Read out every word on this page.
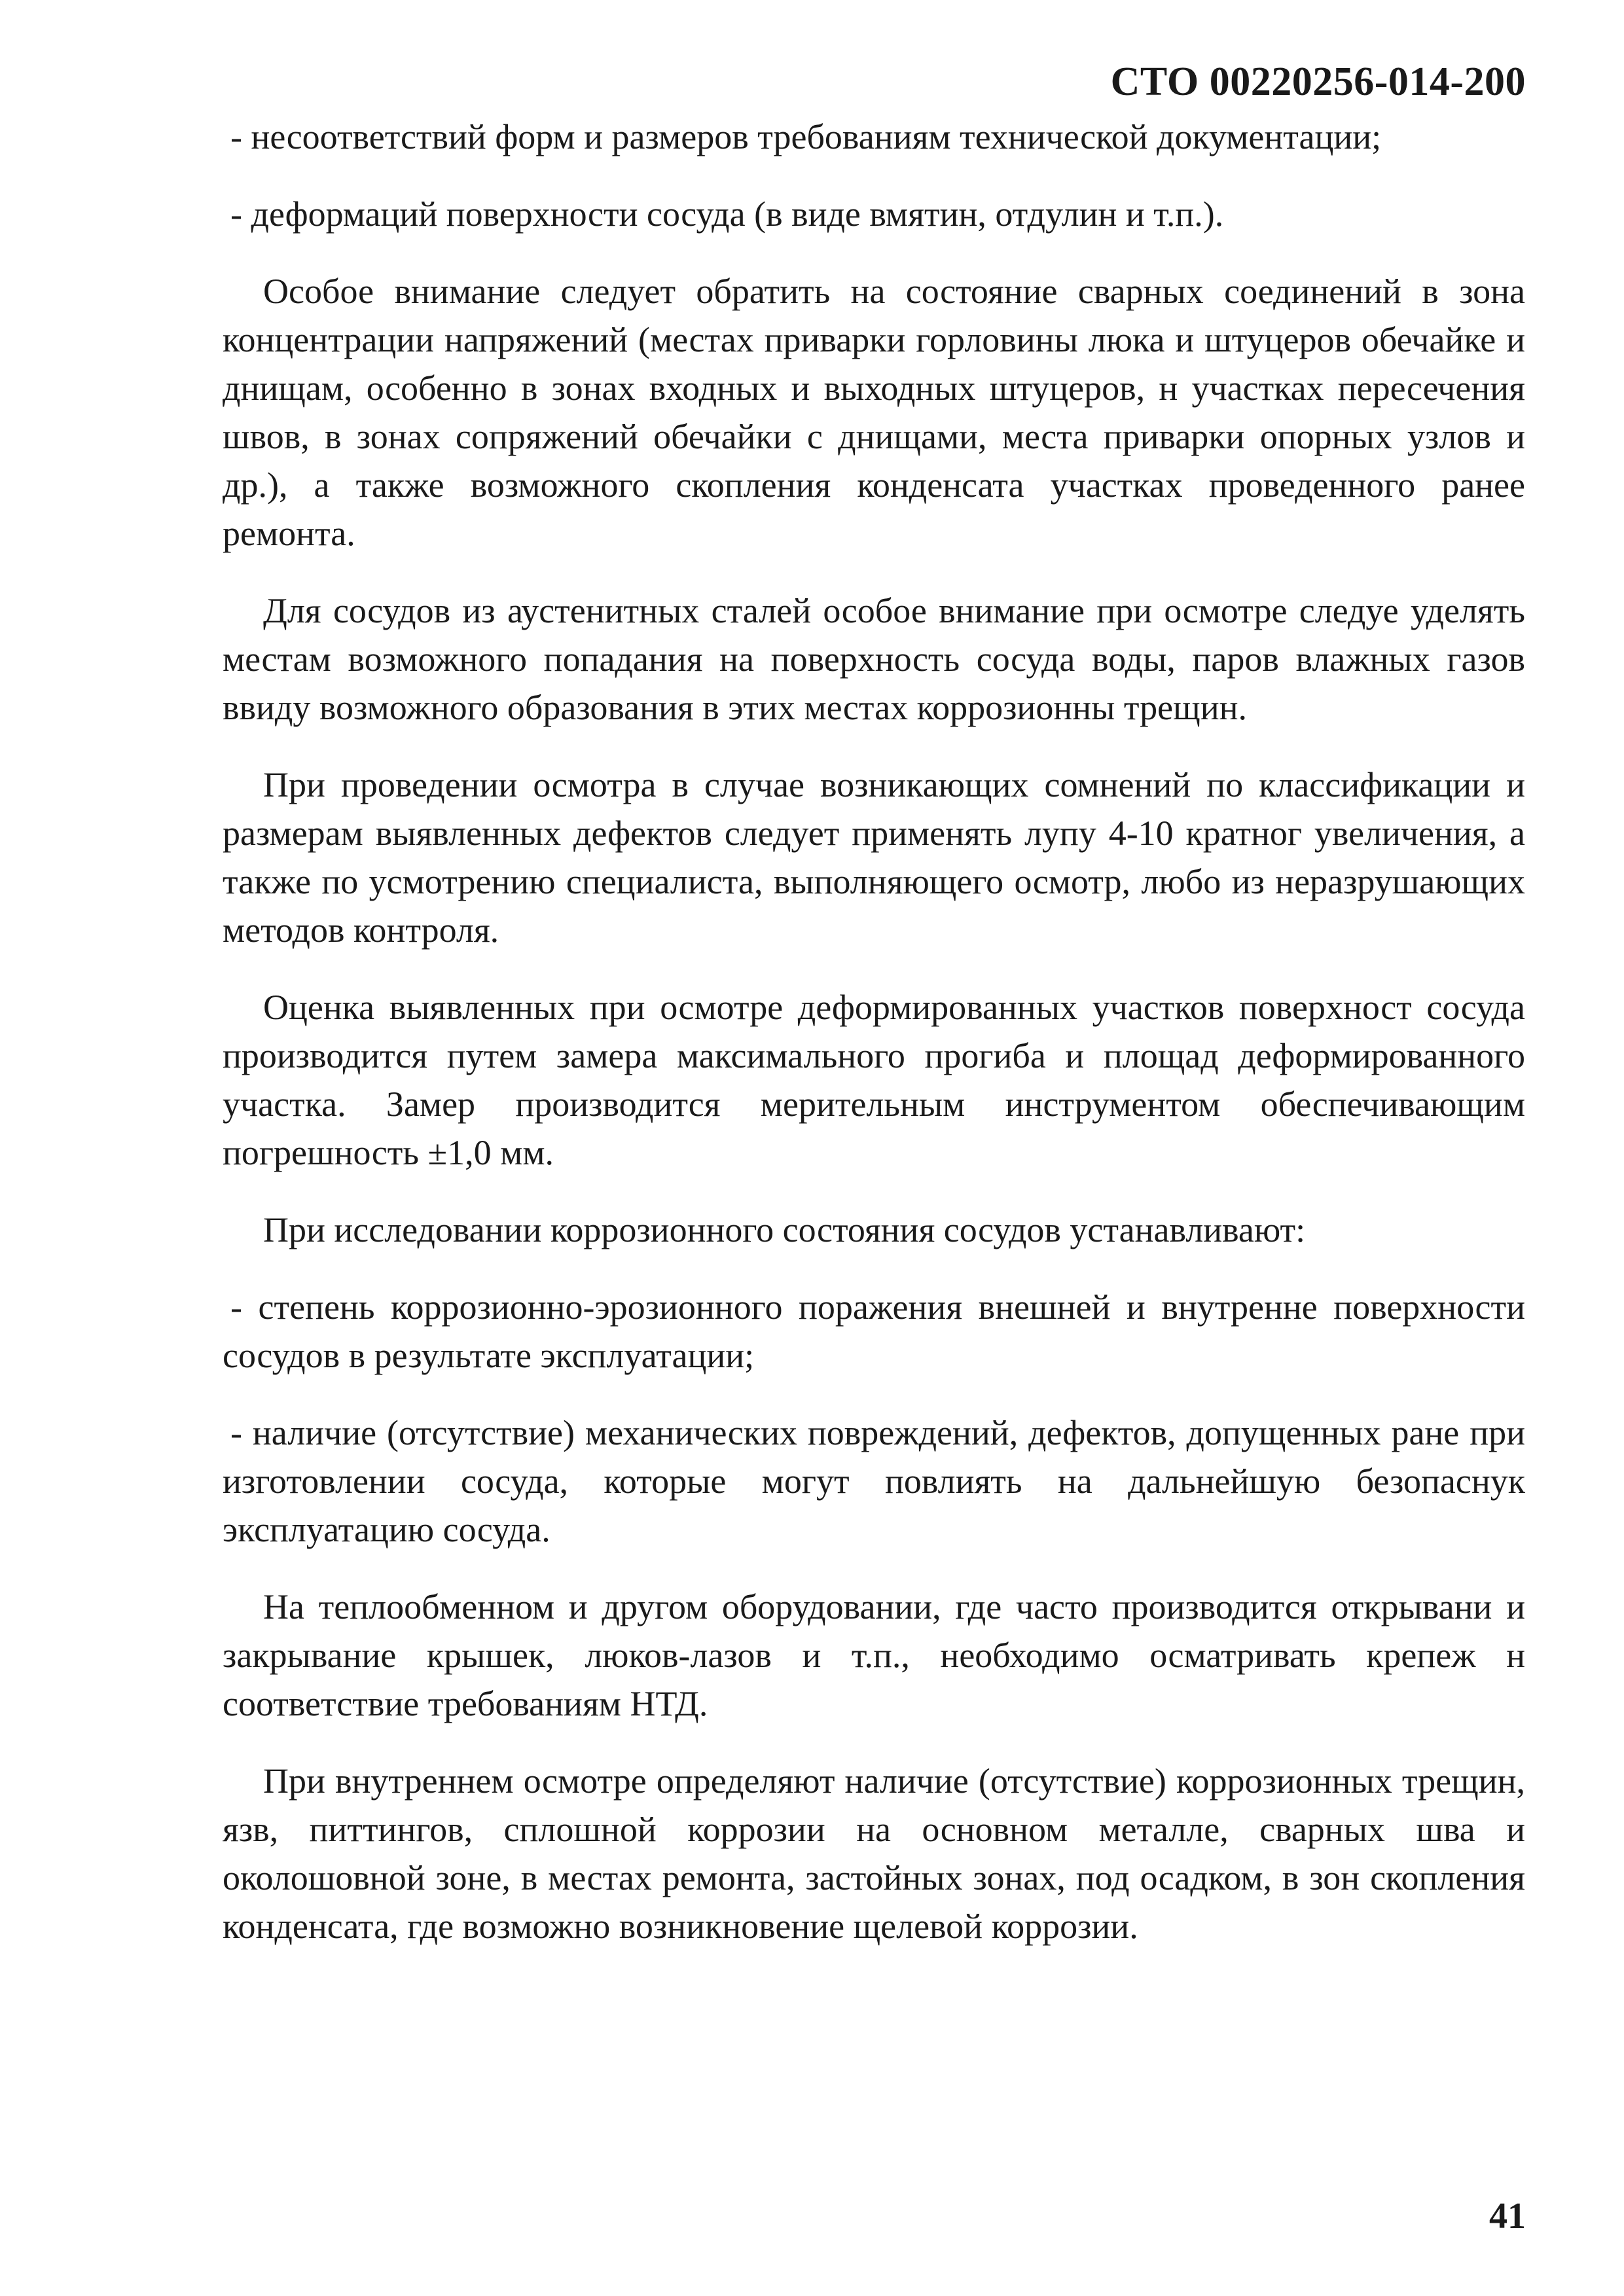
СТО 00220256-014-200

- несоответствий форм и размеров требованиям технической документации;

- деформаций поверхности сосуда (в виде вмятин, отдулин и т.п.).

Особое внимание следует обратить на состояние сварных соединений в зона концентрации напряжений (местах приварки горловины люка и штуцеров обечайке и днищам, особенно в зонах входных и выходных штуцеров, н участках пересечения швов, в зонах сопряжений обечайки с днищами, места приварки опорных узлов и др.), а также возможного скопления конденсата участках проведенного ранее ремонта.

Для сосудов из аустенитных сталей особое внимание при осмотре следуе уделять местам возможного попадания на поверхность сосуда воды, паров влажных газов ввиду возможного образования в этих местах коррозионны трещин.

При проведении осмотра в случае возникающих сомнений по классификации и размерам выявленных дефектов следует применять лупу 4-10 кратног увеличения, а также по усмотрению специалиста, выполняющего осмотр, любо из неразрушающих методов контроля.

Оценка выявленных при осмотре деформированных участков поверхност сосуда производится путем замера максимального прогиба и площад деформированного участка. Замер производится мерительным инструментом обеспечивающим погрешность ±1,0 мм.

При исследовании коррозионного состояния сосудов устанавливают:

- степень коррозионно-эрозионного поражения внешней и внутренне поверхности сосудов в результате эксплуатации;

- наличие (отсутствие) механических повреждений, дефектов, допущенных ране при изготовлении сосуда, которые могут повлиять на дальнейшую безопаснук эксплуатацию сосуда.

На теплообменном и другом оборудовании, где часто производится открывани и закрывание крышек, люков-лазов и т.п., необходимо осматривать крепеж н соответствие требованиям НТД.

При внутреннем осмотре определяют наличие (отсутствие) коррозионных трещин, язв, питтингов, сплошной коррозии на основном металле, сварных шва и околошовной зоне, в местах ремонта, застойных зонах, под осадком, в зон скопления конденсата, где возможно возникновение щелевой коррозии.

41
